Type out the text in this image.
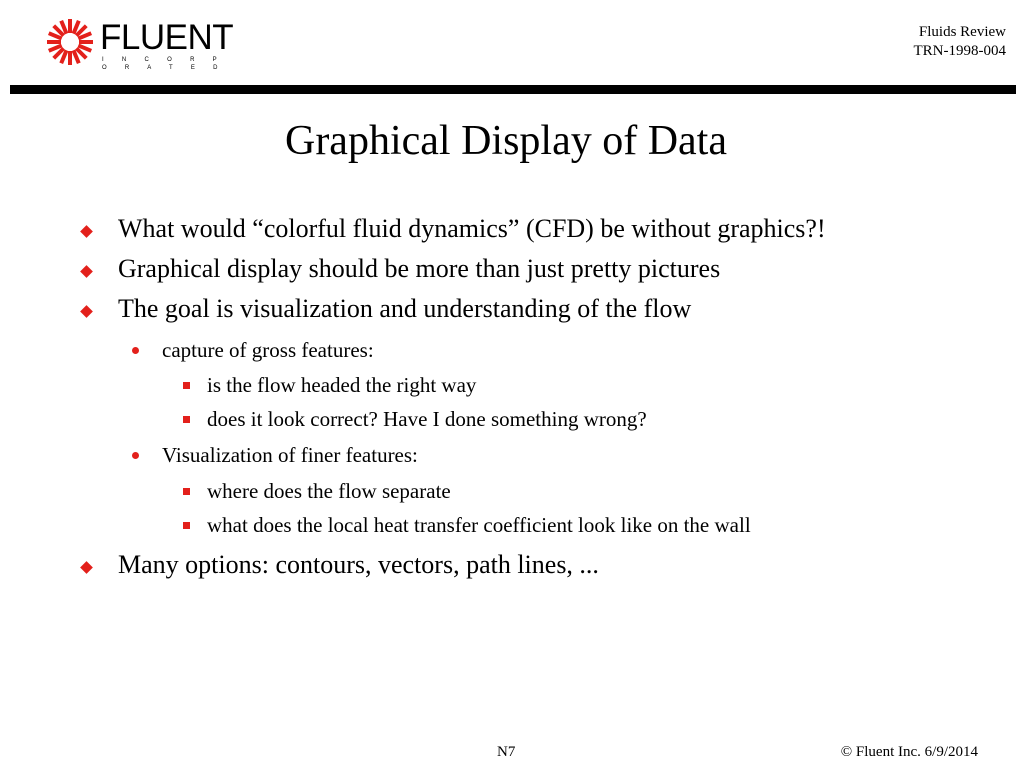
FLUENT
I N C O R P O R A T E D
Fluids Review
TRN-1998-004
Graphical Display of Data
What would “colorful fluid dynamics” (CFD) be without graphics?!
Graphical display should be more than just pretty pictures
The goal is visualization and understanding of the flow
capture of gross features:
is the flow headed the right way
does it look correct? Have I done something wrong?
Visualization of finer features:
where does the flow separate
what does the local heat transfer coefficient look like on the wall
Many options: contours, vectors, path lines, ...
N7	© Fluent Inc. 6/9/2014
